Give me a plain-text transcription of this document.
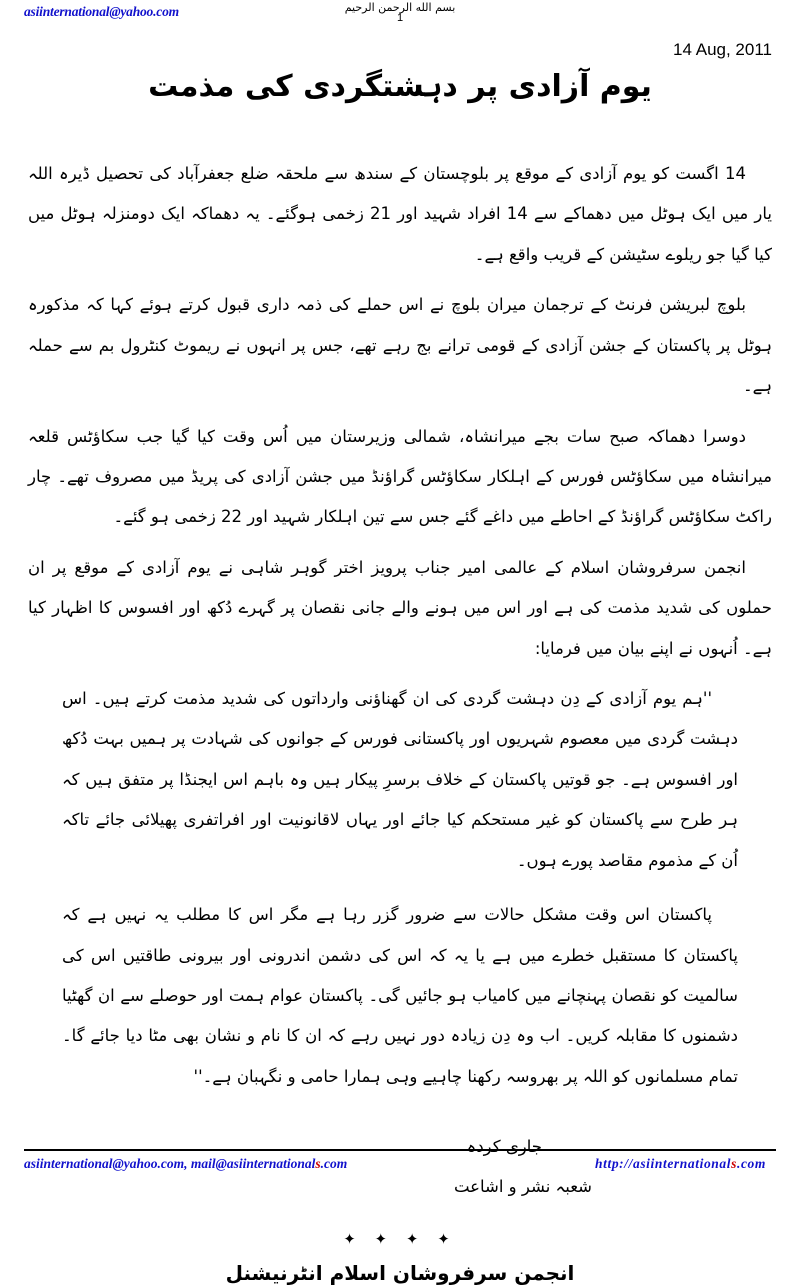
asiinternational@yahoo.com	بسم الله الرحمن الرحيم
1
14 Aug, 2011
یوم آزادی پر دہشتگردی کی مذمت

14 اگست کو یوم آزادی کے موقع پر بلوچستان کے سندھ سے ملحقہ ضلع جعفرآباد کی تحصیل ڈیرہ اللہ یار میں ایک ہوٹل میں دھماکے سے 14 افراد شہید اور 21 زخمی ہوگئے۔ یہ دھماکہ ایک دومنزلہ ہوٹل میں کیا گیا جو ریلوے سٹیشن کے قریب واقع ہے۔

بلوچ لبریشن فرنٹ کے ترجمان میران بلوچ نے اس حملے کی ذمہ داری قبول کرتے ہوئے کہا کہ مذکورہ ہوٹل پر پاکستان کے جشن آزادی کے قومی ترانے بج رہے تھے، جس پر انہوں نے ریموٹ کنٹرول بم سے حملہ ہے۔

دوسرا دھماکہ صبح سات بجے میرانشاہ، شمالی وزیرستان میں اُس وقت کیا گیا جب سکاؤٹس قلعہ میرانشاہ میں سکاؤٹس فورس کے اہلکار سکاؤٹس گراؤنڈ میں جشن آزادی کی پریڈ میں مصروف تھے۔ چار راکٹ سکاؤٹس گراؤنڈ کے احاطے میں داغے گئے جس سے تین اہلکار شہید اور 22 زخمی ہو گئے۔

انجمن سرفروشان اسلام کے عالمی امیر جناب پرویز اختر گوہر شاہی نے یوم آزادی کے موقع پر ان حملوں کی شدید مذمت کی ہے اور اس میں ہونے والے جانی نقصان پر گہرے دُکھ اور افسوس کا اظہار کیا ہے۔ اُنہوں نے اپنے بیان میں فرمایا:

''ہم یوم آزادی کے دِن دہشت گردی کی ان گھناؤنی وارداتوں کی شدید مذمت کرتے ہیں۔ اس دہشت گردی میں معصوم شہریوں اور پاکستانی فورس کے جوانوں کی شہادت پر ہمیں بہت دُکھ اور افسوس ہے۔ جو قوتیں پاکستان کے خلاف برسرِ پیکار ہیں وہ باہم اس ایجنڈا پر متفق ہیں کہ ہر طرح سے پاکستان کو غیر مستحکم کیا جائے اور یہاں لاقانونیت اور افراتفری پھیلائی جائے تاکہ اُن کے مذموم مقاصد پورے ہوں۔

پاکستان اس وقت مشکل حالات سے ضرور گزر رہا ہے مگر اس کا مطلب یہ نہیں ہے کہ پاکستان کا مستقبل خطرے میں ہے یا یہ کہ اس کی دشمن اندرونی اور بیرونی طاقتیں اس کی سالمیت کو نقصان پہنچانے میں کامیاب ہو جائیں گی۔ پاکستان عوام ہمت اور حوصلے سے ان گھٹیا دشمنوں کا مقابلہ کریں۔ اب وہ دِن زیادہ دور نہیں رہے کہ ان کا نام و نشان بھی مٹا دیا جائے گا۔ تمام مسلمانوں کو اللہ پر بھروسہ رکھنا چاہیے وہی ہمارا حامی و نگہبان ہے۔''

جاری کردہ
شعبہ نشر و اشاعت
✦ ✦ ✦ ✦
انجمن سرفروشان اسلام انٹرنیشنل
asiinternational@yahoo.com, mail@asiinternationals.com	http://asiinternationals.com
